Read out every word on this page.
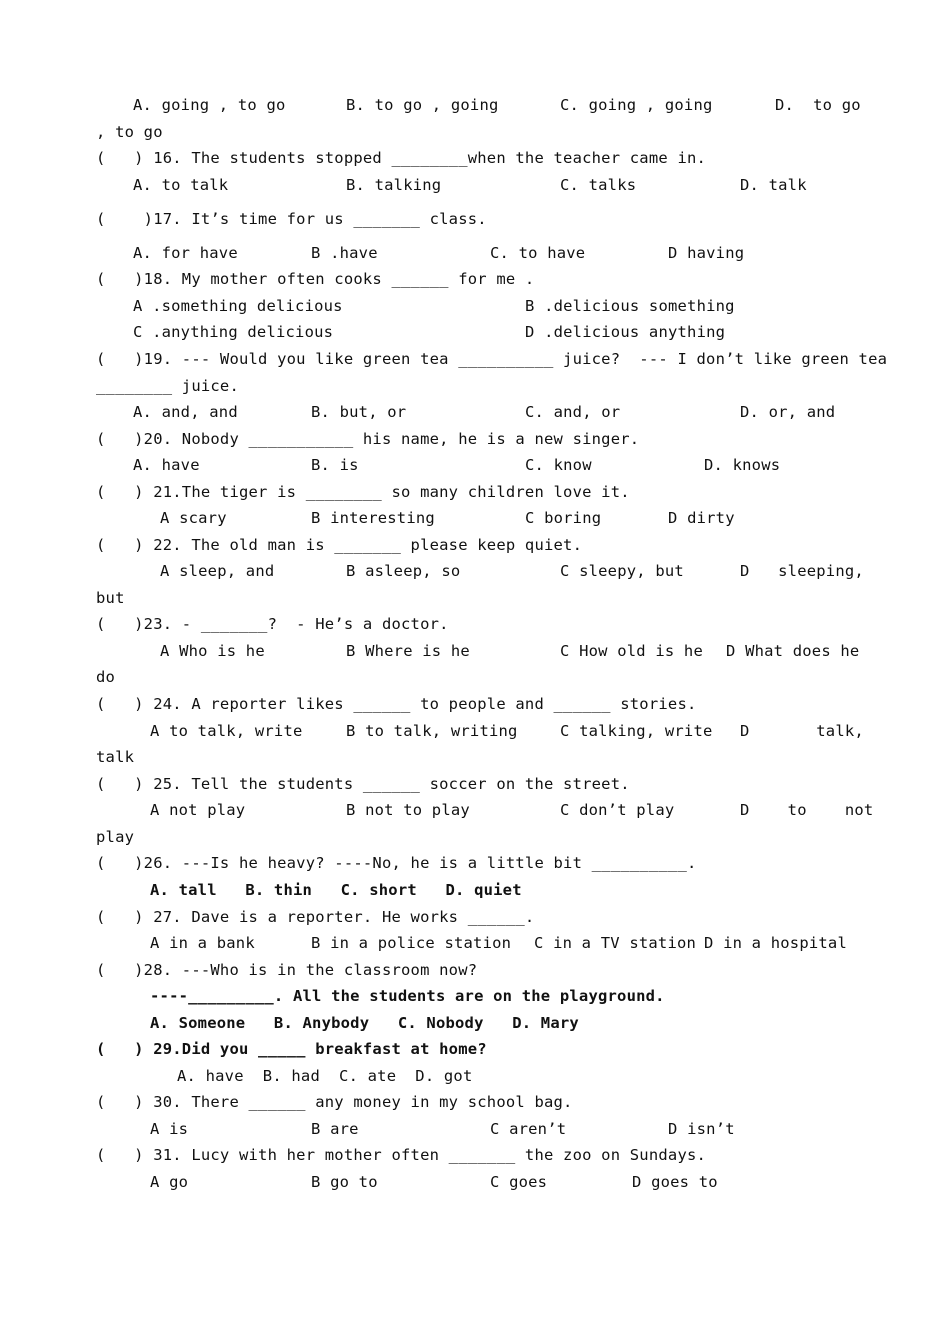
A. going , to go	B. to go , going	C. going , going	D.  to go
, to go
(   ) 16. The students stopped ________when the teacher came in.
A. to talk	B. talking	C. talks	D. talk
(    )17. It’s time for us _______ class.
A. for have	B .have	C. to have	D having
(   )18. My mother often cooks ______ for me .
A .something delicious	B .delicious something
C .anything delicious	D .delicious anything
(   )19. --- Would you like green tea __________ juice?  --- I don’t like green tea
________ juice.
A. and, and	B. but, or	C. and, or	D. or, and
(   )20. Nobody ___________ his name, he is a new singer.
A. have	B. is	C. know	D. knows
(   ) 21.The tiger is ________ so many children love it.
A scary	B interesting	C boring	D dirty
(   ) 22. The old man is _______ please keep quiet.
A sleep, and	B asleep, so	C sleepy, but	D   sleeping,
but
(   )23. - _______?  - He’s a doctor.
A Who is he	B Where is he	C How old is he D What does he
do
(   ) 24. A reporter likes ______ to people and ______ stories.
A to talk, write	B to talk, writing	C talking, write D       talk,
talk
(   ) 25. Tell the students ______ soccer on the street.
A not play	B not to play	C don’t play	D    to    not
play
(   )26. ---Is he heavy? ----No, he is a little bit __________.
A. tall   B. thin   C. short   D. quiet
(   ) 27. Dave is a reporter. He works ______.
A in a bank	B in a police station C in a TV station D in a hospital
(   )28. ---Who is in the classroom now?
----_________. All the students are on the playground.
A. Someone   B. Anybody   C. Nobody   D. Mary
(   ) 29.Did you _____ breakfast at home?
A. have  B. had  C. ate  D. got
(   ) 30. There ______ any money in my school bag.
A is	B are	C aren’t	D isn’t
(   ) 31. Lucy with her mother often _______ the zoo on Sundays.
A go	B go to	C goes	D goes to
